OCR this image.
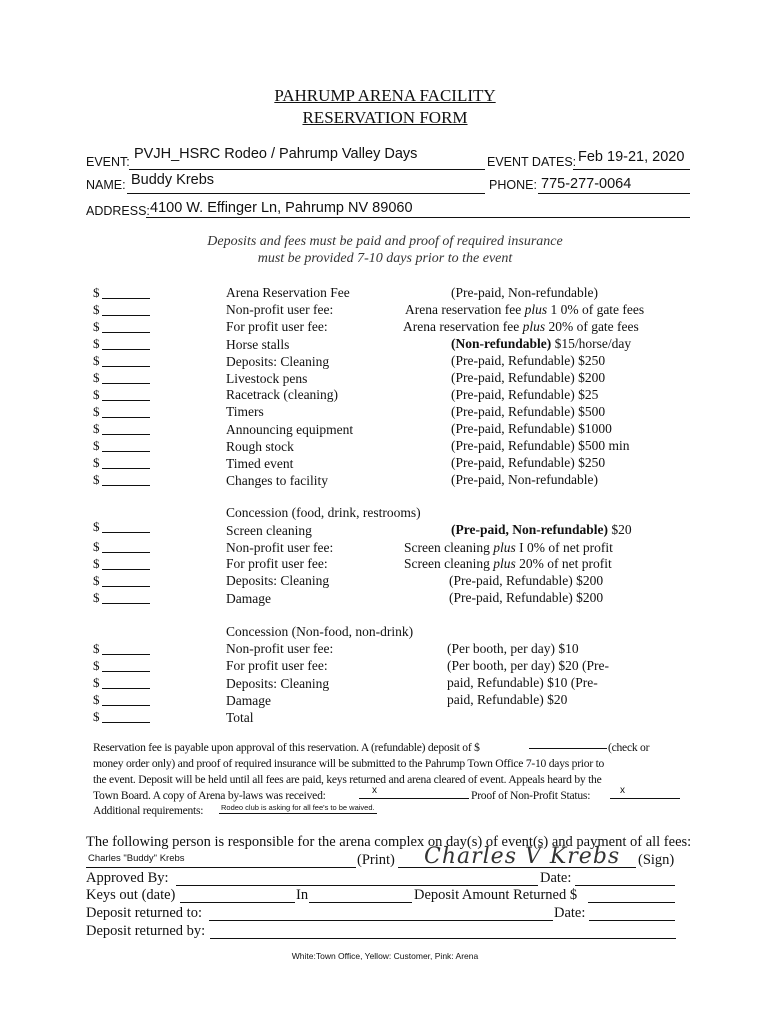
PAHRUMP ARENA FACILITY
RESERVATION FORM
EVENT: PVJH_HSRC Rodeo / Pahrump Valley Days	EVENT DATES: Feb 19-21, 2020
NAME: Buddy Krebs	PHONE: 775-277-0064
ADDRESS: 4100 W. Effinger Ln, Pahrump NV 89060
Deposits and fees must be paid and proof of required insurance
must be provided 7-10 days prior to the event
$	Arena Reservation Fee	(Pre-paid, Non-refundable)
$	Non-profit user fee:	Arena reservation fee plus 1 0% of gate fees
$	For profit user fee:	Arena reservation fee plus 20% of gate fees
$	Horse stalls	(Non-refundable) $15/horse/day
$	Deposits: Cleaning	(Pre-paid, Refundable) $250
$	Livestock pens	(Pre-paid, Refundable) $200
$	Racetrack (cleaning)	(Pre-paid, Refundable) $25
$	Timers	(Pre-paid, Refundable) $500
$	Announcing equipment	(Pre-paid, Refundable) $1000
$	Rough stock	(Pre-paid, Refundable) $500 min
$	Timed event	(Pre-paid, Refundable) $250
$	Changes to facility	(Pre-paid, Non-refundable)
Concession (food, drink, restrooms)
$	Screen cleaning	(Pre-paid, Non-refundable) $20
$	Non-profit user fee:	Screen cleaning plus I 0% of net profit
$	For profit user fee:	Screen cleaning plus 20% of net profit
$	Deposits: Cleaning	(Pre-paid, Refundable) $200
$	Damage	(Pre-paid, Refundable) $200
Concession (Non-food, non-drink)
$	Non-profit user fee:	(Per booth, per day) $10
$	For profit user fee:	(Per booth, per day) $20 (Pre-
$	Deposits: Cleaning	paid, Refundable) $10 (Pre-
$	Damage	paid, Refundable) $20
$	Total
Reservation fee is payable upon approval of this reservation. A (refundable) deposit of $	(check or
money order only) and proof of required insurance will be submitted to the Pahrump Town Office 7-10 days prior to
the event. Deposit will be held until all fees are paid, keys returned and arena cleared of event. Appeals heard by the
Town Board. A copy of Arena by-laws was received:	x	Proof of Non-Profit Status:	x
Additional requirements: Rodeo club is asking for all fee's to be waived.
The following person is responsible for the arena complex on day(s) of event(s) and payment of all fees:
Charles "Buddy" Krebs	(Print) Charles V Krebs (Sign)
Approved By:	Date:
Keys out (date)	In	Deposit Amount Returned $
Deposit returned to:	Date:
Deposit returned by:
White:Town Office, Yellow: Customer, Pink: Arena
